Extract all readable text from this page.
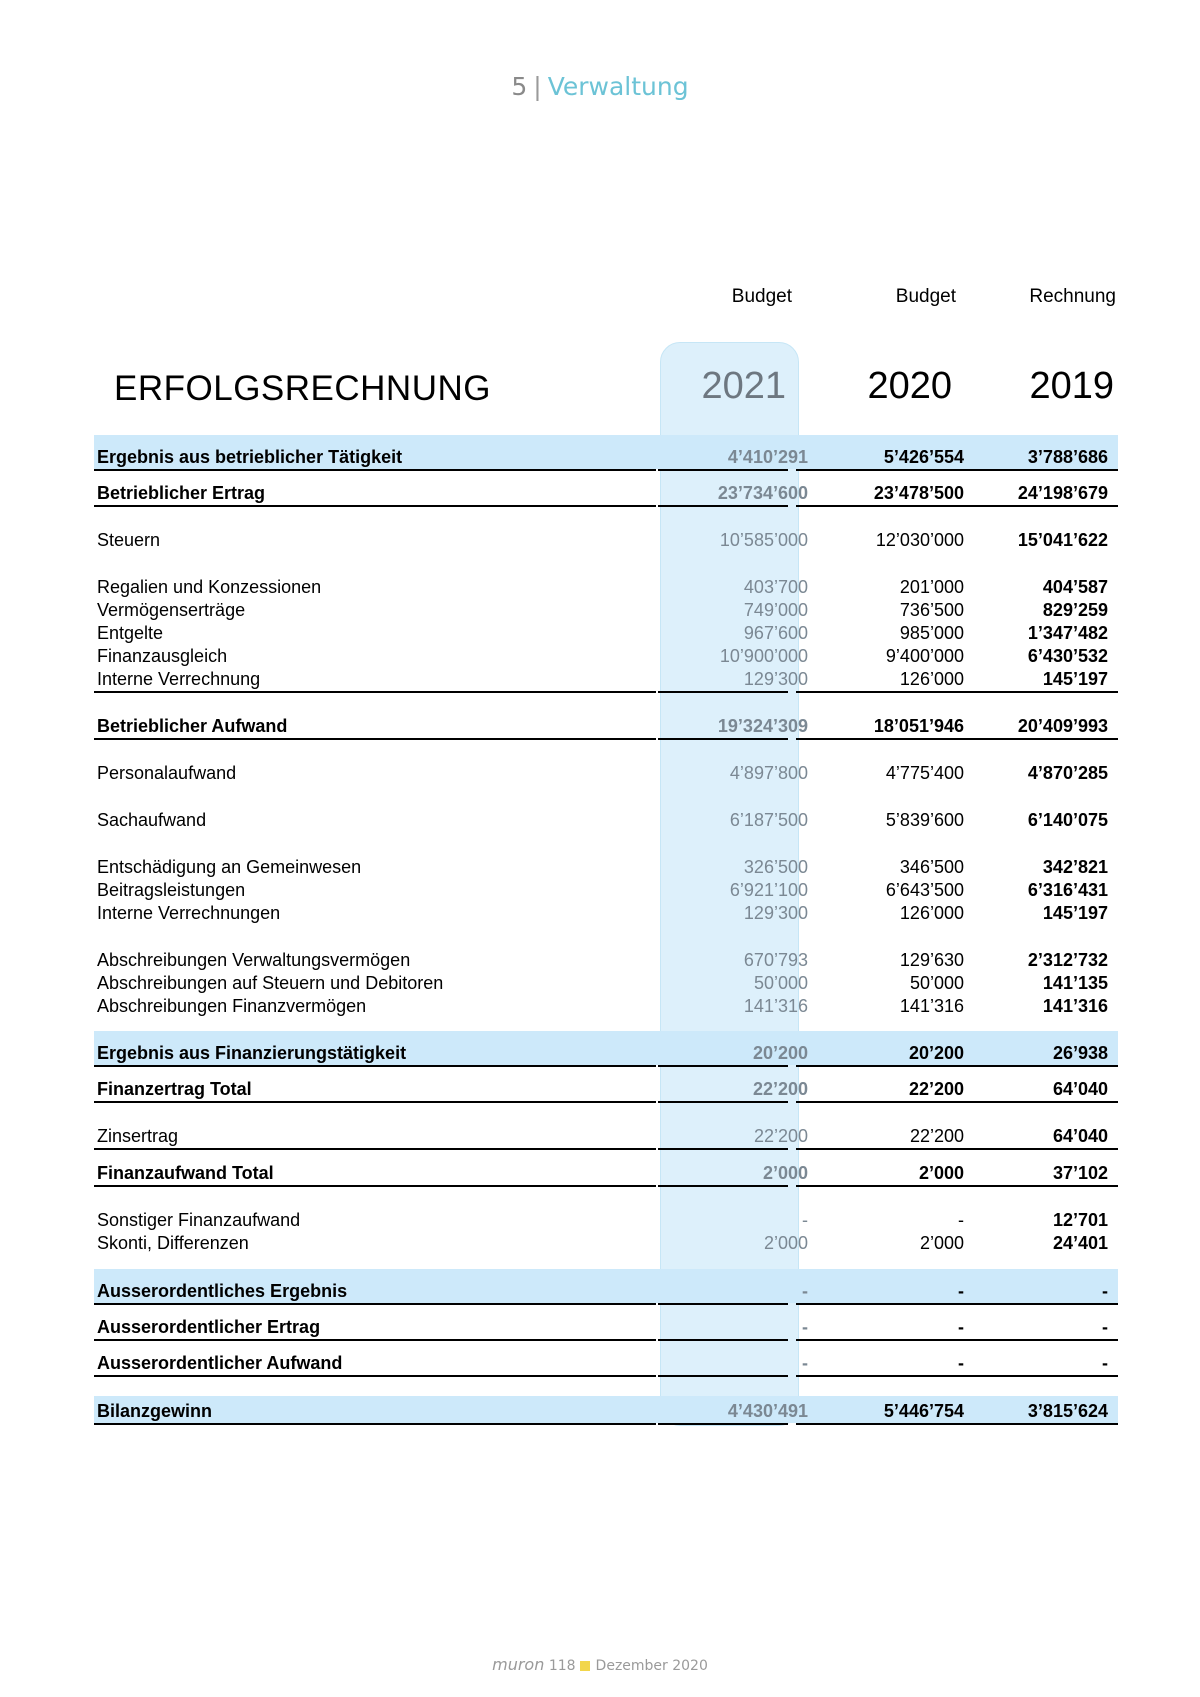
5 | Verwaltung
Budget	Budget	Rechnung
ERFOLGSRECHNUNG	2021	2020	2019
Ergebnis aus betrieblicher Tätigkeit	4’410’291	5’426’554	3’788’686
Betrieblicher Ertrag	23’734’600	23’478’500	24’198’679
Steuern	10’585’000	12’030’000	15’041’622
Regalien und Konzessionen	403’700	201’000	404’587
Vermögenserträge	749’000	736’500	829’259
Entgelte	967’600	985’000	1’347’482
Finanzausgleich	10’900’000	9’400’000	6’430’532
Interne Verrechnung	129’300	126’000	145’197
Betrieblicher Aufwand	19’324’309	18’051’946	20’409’993
Personalaufwand	4’897’800	4’775’400	4’870’285
Sachaufwand	6’187’500	5’839’600	6’140’075
Entschädigung an Gemeinwesen	326’500	346’500	342’821
Beitragsleistungen	6’921’100	6’643’500	6’316’431
Interne Verrechnungen	129’300	126’000	145’197
Abschreibungen Verwaltungsvermögen	670’793	129’630	2’312’732
Abschreibungen auf Steuern und Debitoren	50’000	50’000	141’135
Abschreibungen Finanzvermögen	141’316	141’316	141’316
Ergebnis aus Finanzierungstätigkeit	20’200	20’200	26’938
Finanzertrag Total	22’200	22’200	64’040
Zinsertrag	22’200	22’200	64’040
Finanzaufwand Total	2’000	2’000	37’102
Sonstiger Finanzaufwand	-	-	12’701
Skonti, Differenzen	2’000	2’000	24’401
Ausserordentliches Ergebnis	-	-	-
Ausserordentlicher Ertrag	-	-	-
Ausserordentlicher Aufwand	-	-	-
Bilanzgewinn	4’430’491	5’446’754	3’815’624
muron 118 Dezember 2020
